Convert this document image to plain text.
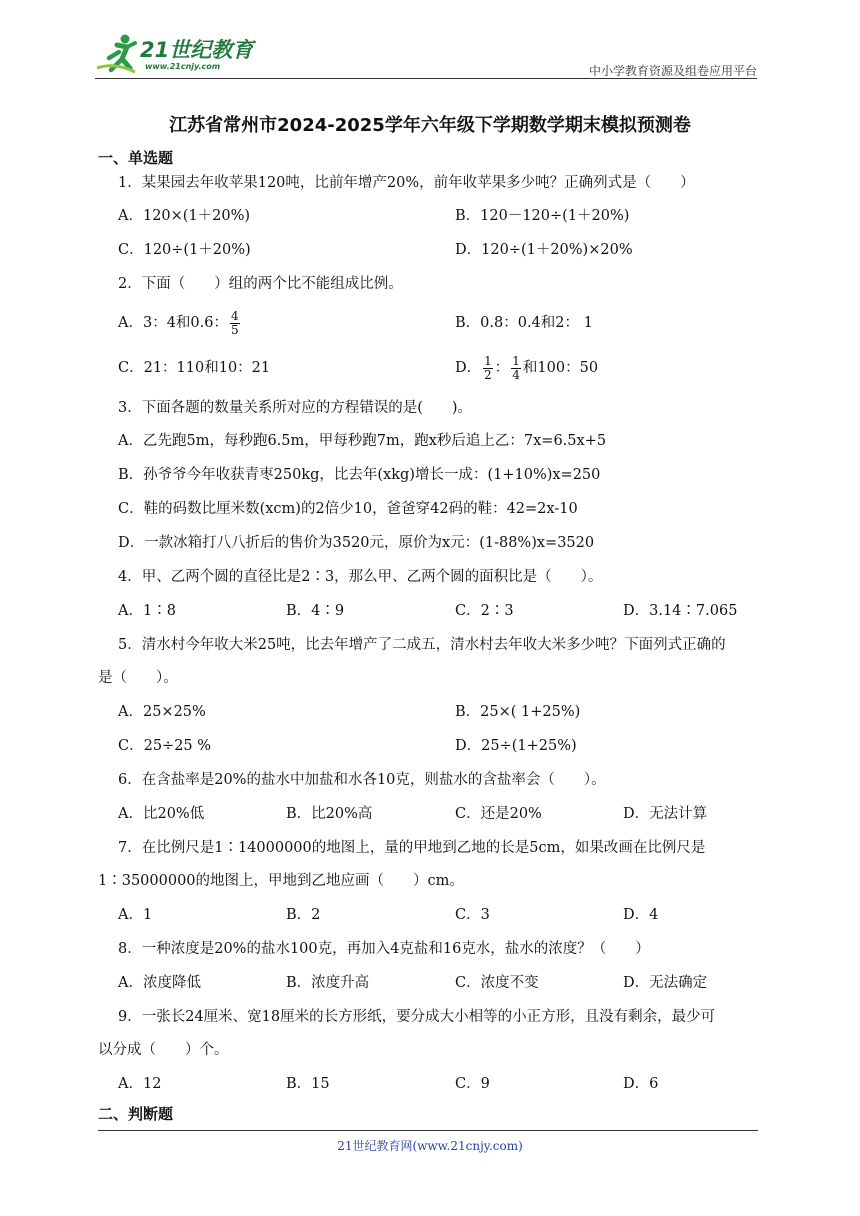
21世纪教育
www.21cnjy.com	中小学教育资源及组卷应用平台
江苏省常州市2024-2025学年六年级下学期数学期末模拟预测卷
一、单选题
1．某果园去年收苹果120吨，比前年增产20%，前年收苹果多少吨？正确列式是（　　）
A．120×(1＋20%)	B．120－120÷(1＋20%)
C．120÷(1＋20%)	D．120÷(1＋20%)×20%
2．下面（　　）组的两个比不能组成比例。
A．3：4和0.6： $\frac{4}{5}$	B．0.8：0.4和2： 1
C．21：110和10：21	D． $\frac{1}{2}$ ： $\frac{1}{4}$ 和100：50
3．下面各题的数量关系所对应的方程错误的是(　　)。
A．乙先跑5m，每秒跑6.5m，甲每秒跑7m，跑x秒后追上乙：7x=6.5x+5
B．孙爷爷今年收获青枣250kg，比去年(xkg)增长一成：(1+10%)x=250
C．鞋的码数比厘米数(xcm)的2倍少10，爸爸穿42码的鞋：42=2x-10
D．一款冰箱打八八折后的售价为3520元，原价为x元：(1-88%)x=3520
4．甲、乙两个圆的直径比是2∶3，那么甲、乙两个圆的面积比是（　　）。
A．1∶8	B．4∶9	C．2∶3	D．3.14∶7.065
5．清水村今年收大米25吨，比去年增产了二成五，清水村去年收大米多少吨？下面列式正确的
是（　　）。
A．25×25%	B．25×( 1+25%)
C．25÷25 %	D．25÷(1+25%)
6．在含盐率是20%的盐水中加盐和水各10克，则盐水的含盐率会（　　）。
A．比20%低	B．比20%高	C．还是20%	D．无法计算
7．在比例尺是1∶14000000的地图上，量的甲地到乙地的长是5cm，如果改画在比例尺是
1∶35000000的地图上，甲地到乙地应画（　　）cm。
A．1	B．2	C．3	D．4
8．一种浓度是20%的盐水100克，再加入4克盐和16克水，盐水的浓度？（　　）
A．浓度降低	B．浓度升高	C．浓度不变	D．无法确定
9．一张长24厘米、宽18厘米的长方形纸，要分成大小相等的小正方形，且没有剩余，最少可
以分成（　　）个。
A．12	B．15	C．9	D．6
二、判断题
21世纪教育网(www.21cnjy.com)
